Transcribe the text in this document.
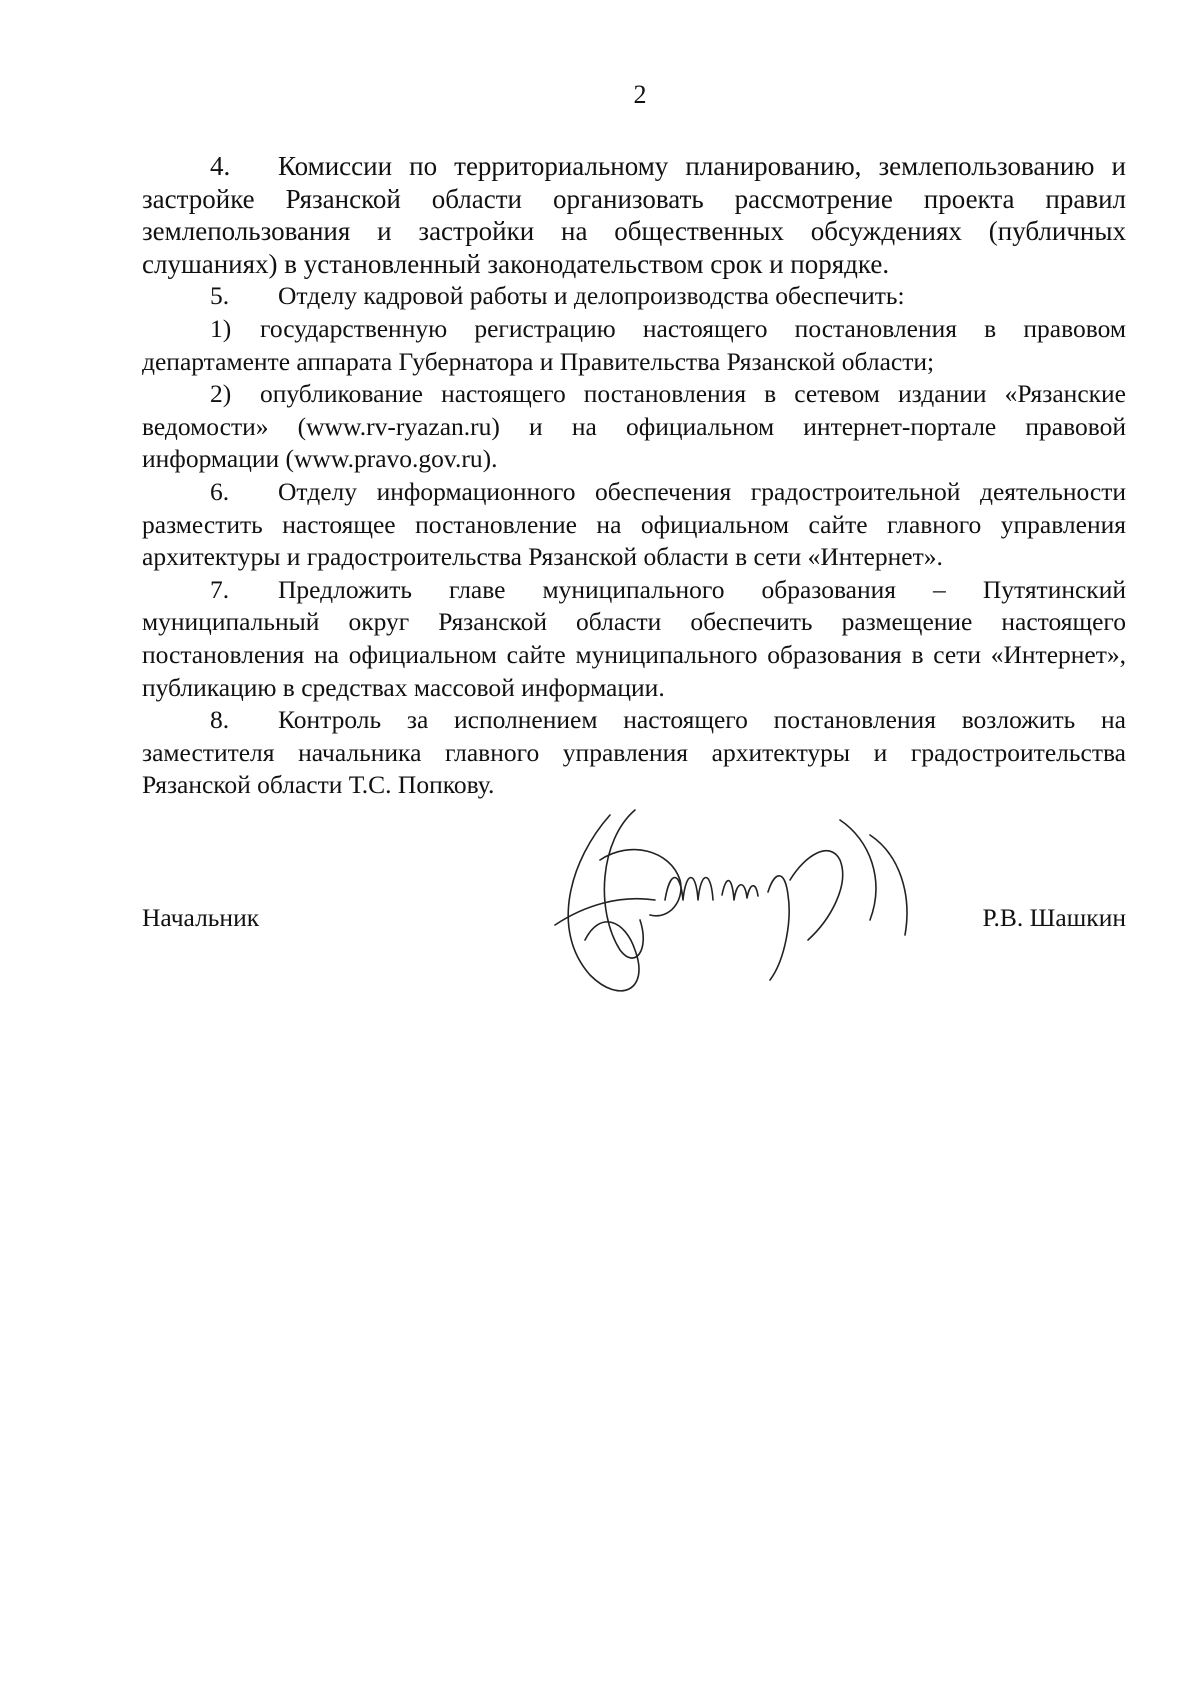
2

4. Комиссии по территориальному планированию, землепользованию и застройке Рязанской области организовать рассмотрение проекта правил землепользования и застройки на общественных обсуждениях (публичных слушаниях) в установленный законодательством срок и порядке.

5. Отделу кадровой работы и делопроизводства обеспечить:

1) государственную регистрацию настоящего постановления в правовом департаменте аппарата Губернатора и Правительства Рязанской области;

2) опубликование настоящего постановления в сетевом издании «Рязанские ведомости» (www.rv-ryazan.ru) и на официальном интернет-портале правовой информации (www.pravo.gov.ru).

6. Отделу информационного обеспечения градостроительной деятельности разместить настоящее постановление на официальном сайте главного управления архитектуры и градостроительства Рязанской области в сети «Интернет».

7. Предложить главе муниципального образования – Путятинский муниципальный округ Рязанской области обеспечить размещение настоящего постановления на официальном сайте муниципального образования в сети «Интернет», публикацию в средствах массовой информации.

8. Контроль за исполнением настоящего постановления возложить на заместителя начальника главного управления архитектуры и градостроительства Рязанской области Т.С. Попкову.

Начальник	Р.В. Шашкин
